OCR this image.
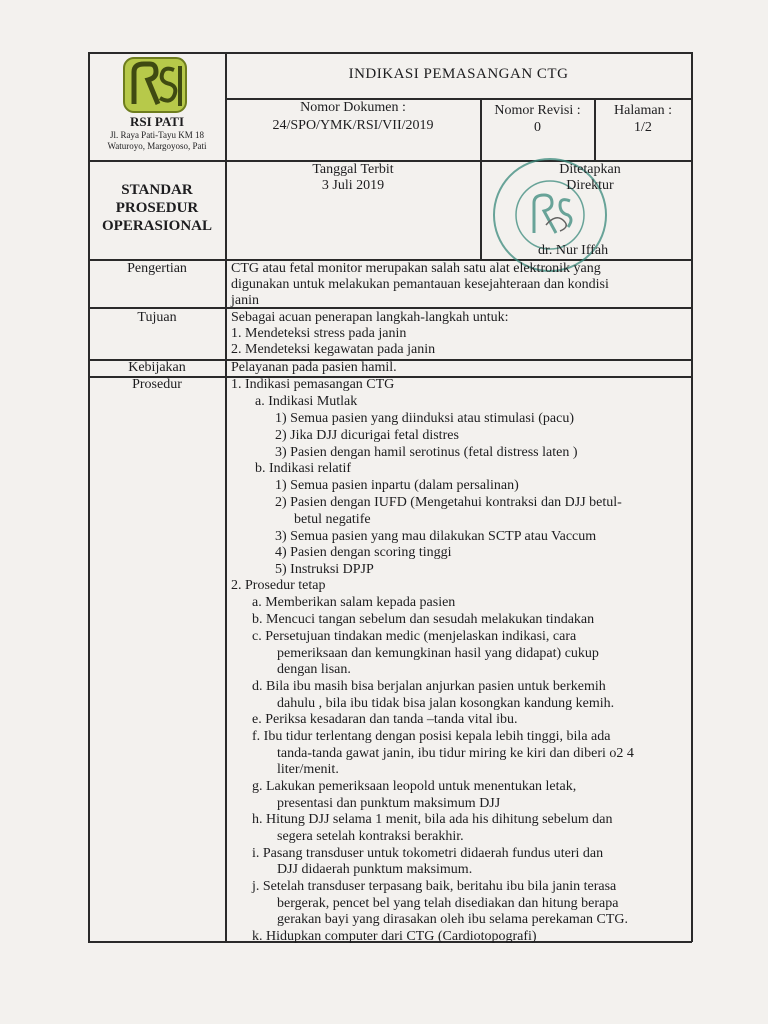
RSI PATI
Jl. Raya Pati-Tayu KM 18
Waturoyo, Margoyoso, Pati
INDIKASI PEMASANGAN CTG
Nomor Dokumen :
24/SPO/YMK/RSI/VII/2019
Nomor Revisi :
0
Halaman :
1/2
STANDAR
PROSEDUR
OPERASIONAL
Tanggal Terbit
3 Juli 2019
Ditetapkan
Direktur
dr. Nur Iffah
Pengertian	CTG atau fetal monitor merupakan salah satu alat elektronik yang
digunakan untuk melakukan pemantauan kesejahteraan dan kondisi
janin
Tujuan	Sebagai acuan penerapan langkah-langkah untuk:
1. Mendeteksi stress pada janin
2. Mendeteksi kegawatan pada janin
Kebijakan	Pelayanan pada pasien hamil.
Prosedur	1. Indikasi pemasangan CTG
a. Indikasi Mutlak
1) Semua pasien yang diinduksi atau stimulasi (pacu)
2) Jika DJJ dicurigai fetal distres
3) Pasien dengan hamil serotinus (fetal distress laten )
b. Indikasi relatif
1) Semua pasien inpartu (dalam persalinan)
2) Pasien dengan IUFD (Mengetahui kontraksi dan DJJ betul-
betul negatife
3) Semua pasien yang mau dilakukan SCTP atau Vaccum
4) Pasien dengan scoring tinggi
5) Instruksi DPJP
2. Prosedur tetap
a. Memberikan salam kepada pasien
b. Mencuci tangan sebelum dan sesudah melakukan tindakan
c. Persetujuan tindakan medic (menjelaskan indikasi, cara
pemeriksaan dan kemungkinan hasil yang didapat) cukup
dengan lisan.
d. Bila ibu masih bisa berjalan anjurkan pasien untuk berkemih
dahulu , bila ibu tidak bisa jalan kosongkan kandung kemih.
e. Periksa kesadaran dan tanda –tanda vital ibu.
f. Ibu tidur terlentang dengan posisi kepala lebih tinggi, bila ada
tanda-tanda gawat janin, ibu tidur miring ke kiri dan diberi o2 4
liter/menit.
g. Lakukan pemeriksaan leopold untuk menentukan letak,
presentasi dan punktum maksimum DJJ
h. Hitung DJJ selama 1 menit, bila ada his dihitung sebelum dan
segera setelah kontraksi berakhir.
i. Pasang transduser untuk tokometri didaerah fundus uteri dan
DJJ didaerah punktum maksimum.
j. Setelah transduser terpasang baik, beritahu ibu bila janin terasa
bergerak, pencet bel yang telah disediakan dan hitung berapa
gerakan bayi yang dirasakan oleh ibu selama perekaman CTG.
k. Hidupkan computer dari CTG (Cardiotopografi)
